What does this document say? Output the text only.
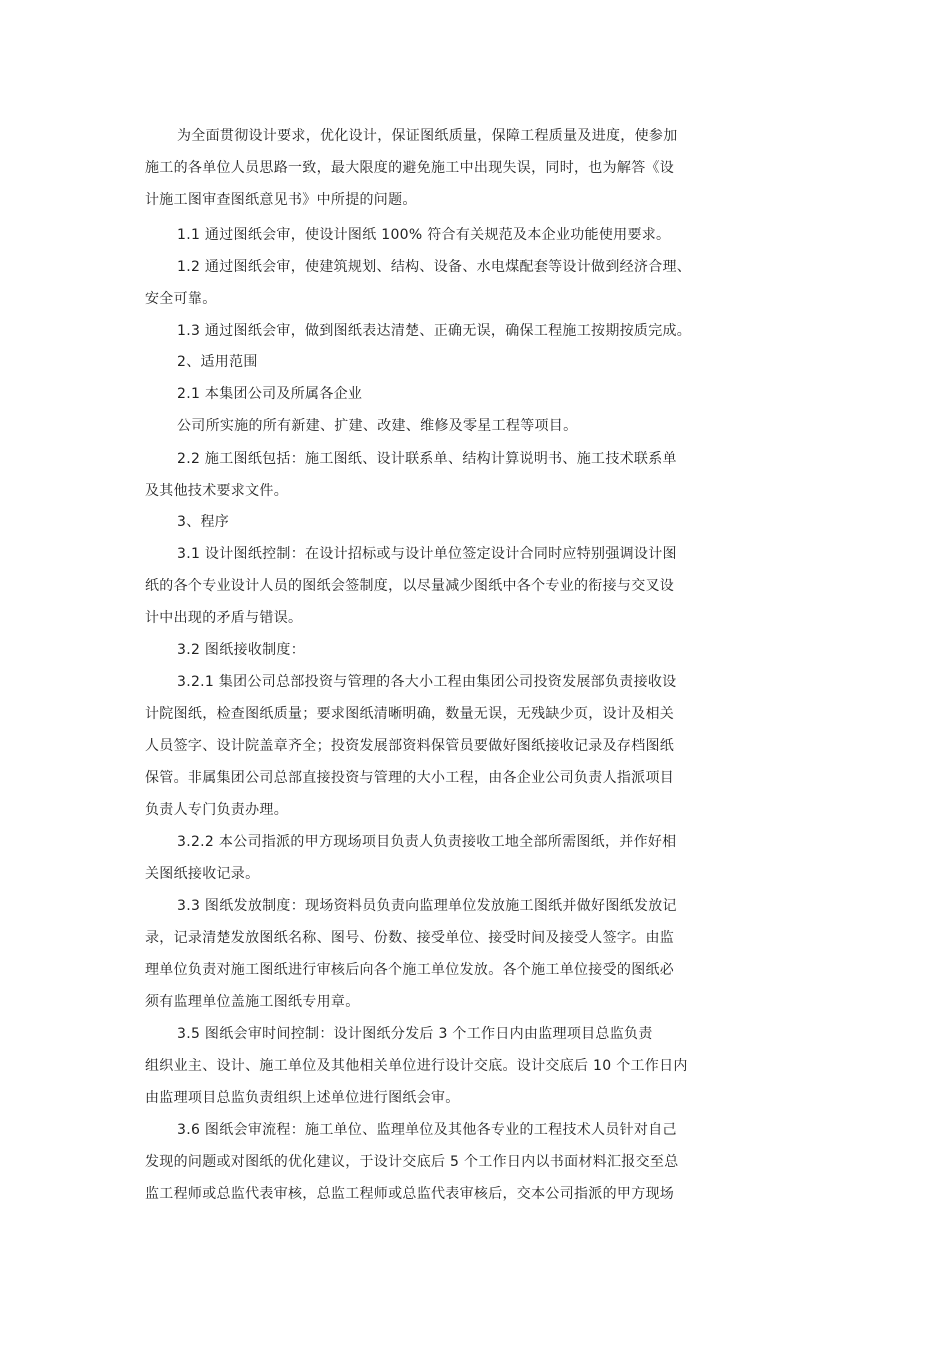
为全面贯彻设计要求，优化设计，保证图纸质量，保障工程质量及进度，使参加
施工的各单位人员思路一致，最大限度的避免施工中出现失误，同时，也为解答《设
计施工图审查图纸意见书》中所提的问题。
1.1 通过图纸会审，使设计图纸 100% 符合有关规范及本企业功能使用要求。
1.2 通过图纸会审，使建筑规划、结构、设备、水电煤配套等设计做到经济合理、
安全可靠。
1.3 通过图纸会审，做到图纸表达清楚、正确无误，确保工程施工按期按质完成。
2、适用范围
2.1 本集团公司及所属各企业
公司所实施的所有新建、扩建、改建、维修及零星工程等项目。
2.2 施工图纸包括：施工图纸、设计联系单、结构计算说明书、施工技术联系单
及其他技术要求文件。
3、程序
3.1 设计图纸控制：在设计招标或与设计单位签定设计合同时应特别强调设计图
纸的各个专业设计人员的图纸会签制度，以尽量减少图纸中各个专业的衔接与交叉设
计中出现的矛盾与错误。
3.2 图纸接收制度：
3.2.1 集团公司总部投资与管理的各大小工程由集团公司投资发展部负责接收设
计院图纸，检查图纸质量；要求图纸清晰明确，数量无误，无残缺少页，设计及相关
人员签字、设计院盖章齐全；投资发展部资料保管员要做好图纸接收记录及存档图纸
保管。非属集团公司总部直接投资与管理的大小工程，由各企业公司负责人指派项目
负责人专门负责办理。
3.2.2 本公司指派的甲方现场项目负责人负责接收工地全部所需图纸，并作好相
关图纸接收记录。
3.3 图纸发放制度：现场资料员负责向监理单位发放施工图纸并做好图纸发放记
录，记录清楚发放图纸名称、图号、份数、接受单位、接受时间及接受人签字。由监
理单位负责对施工图纸进行审核后向各个施工单位发放。各个施工单位接受的图纸必
须有监理单位盖施工图纸专用章。
3.5 图纸会审时间控制：设计图纸分发后 3 个工作日内由监理项目总监负责
组织业主、设计、施工单位及其他相关单位进行设计交底。设计交底后 10 个工作日内
由监理项目总监负责组织上述单位进行图纸会审。
3.6 图纸会审流程：施工单位、监理单位及其他各专业的工程技术人员针对自己
发现的问题或对图纸的优化建议，于设计交底后 5 个工作日内以书面材料汇报交至总
监工程师或总监代表审核，总监工程师或总监代表审核后，交本公司指派的甲方现场
